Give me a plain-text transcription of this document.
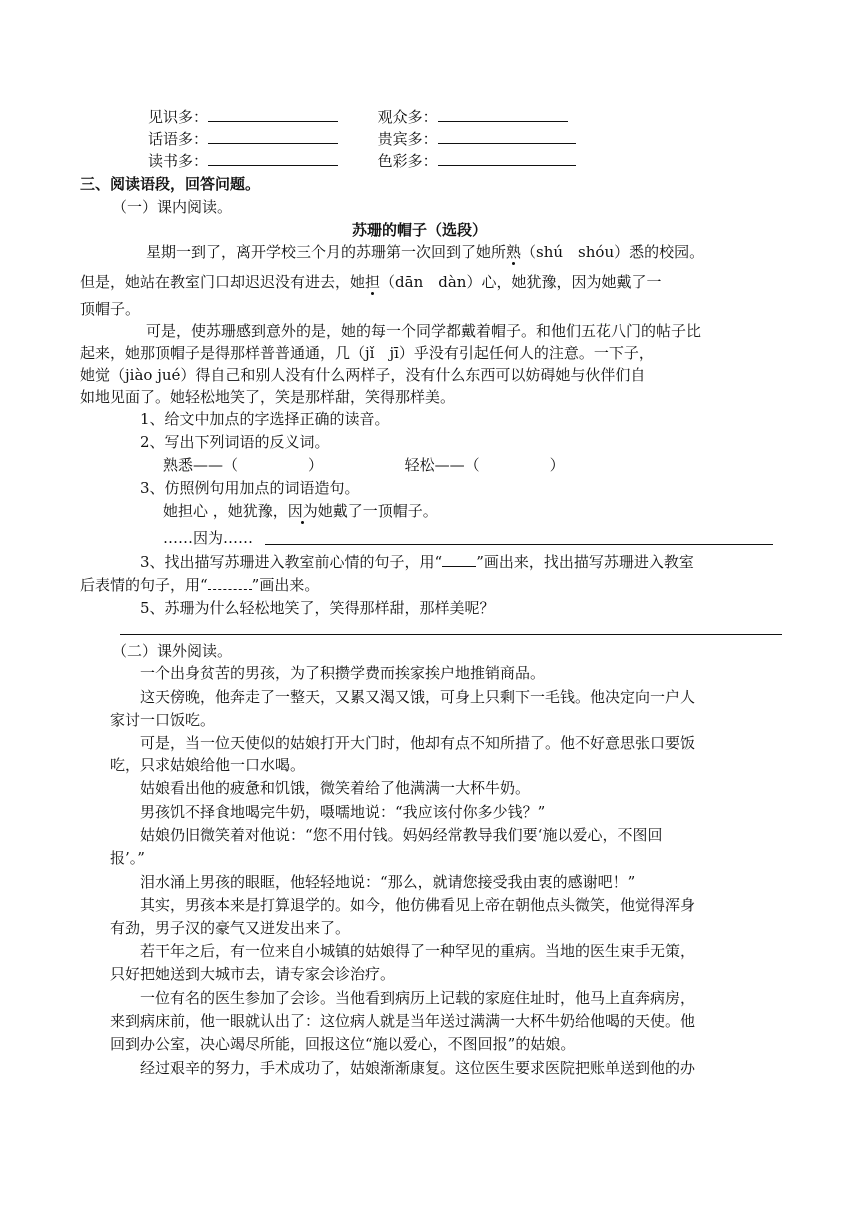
见识多：	观众多：
话语多：	贵宾多：
读书多：	色彩多：
三、阅读语段，回答问题。
（一）课内阅读。
苏珊的帽子（选段）
星期一到了，离开学校三个月的苏珊第一次回到了她所熟（shú　shóu）悉的校园。
但是，她站在教室门口却迟迟没有进去，她担（dān　dàn）心，她犹豫，因为她戴了一
顶帽子。
可是，使苏珊感到意外的是，她的每一个同学都戴着帽子。和他们五花八门的帖子比
起来，她那顶帽子是得那样普普通通，几（jǐ　jī）乎没有引起任何人的注意。一下子，
她觉（jiào jué）得自己和别人没有什么两样子，没有什么东西可以妨碍她与伙伴们自
如地见面了。她轻松地笑了，笑是那样甜，笑得那样美。
1、给文中加点的字选择正确的读音。
2、写出下列词语的反义词。
熟悉——（	）	轻松——（	）
3、仿照例句用加点的词语造句。
她担心 ，她犹豫，因为她戴了一顶帽子。
……因为……
3、找出描写苏珊进入教室前心情的句子，用“ ”画出来，找出描写苏珊进入教室
后表情的句子，用“	”画出来。
5、苏珊为什么轻松地笑了，笑得那样甜，那样美呢？
（二）课外阅读。
一个出身贫苦的男孩，为了积攒学费而挨家挨户地推销商品。
这天傍晚，他奔走了一整天，又累又渴又饿，可身上只剩下一毛钱。他决定向一户人
家讨一口饭吃。
可是，当一位天使似的姑娘打开大门时，他却有点不知所措了。他不好意思张口要饭
吃，只求姑娘给他一口水喝。
姑娘看出他的疲惫和饥饿，微笑着给了他满满一大杯牛奶。
男孩饥不择食地喝完牛奶，嗫嚅地说：“我应该付你多少钱？”
姑娘仍旧微笑着对他说：“您不用付钱。妈妈经常教导我们要‘施以爱心，不图回
报’。”
泪水涌上男孩的眼眶，他轻轻地说：“那么，就请您接受我由衷的感谢吧！”
其实，男孩本来是打算退学的。如今，他仿佛看见上帝在朝他点头微笑，他觉得浑身
有劲，男子汉的豪气又迸发出来了。
若干年之后，有一位来自小城镇的姑娘得了一种罕见的重病。当地的医生束手无策，
只好把她送到大城市去，请专家会诊治疗。
一位有名的医生参加了会诊。当他看到病历上记载的家庭住址时，他马上直奔病房，
来到病床前，他一眼就认出了：这位病人就是当年送过满满一大杯牛奶给他喝的天使。他
回到办公室，决心竭尽所能，回报这位“施以爱心，不图回报”的姑娘。
经过艰辛的努力，手术成功了，姑娘渐渐康复。这位医生要求医院把账单送到他的办
